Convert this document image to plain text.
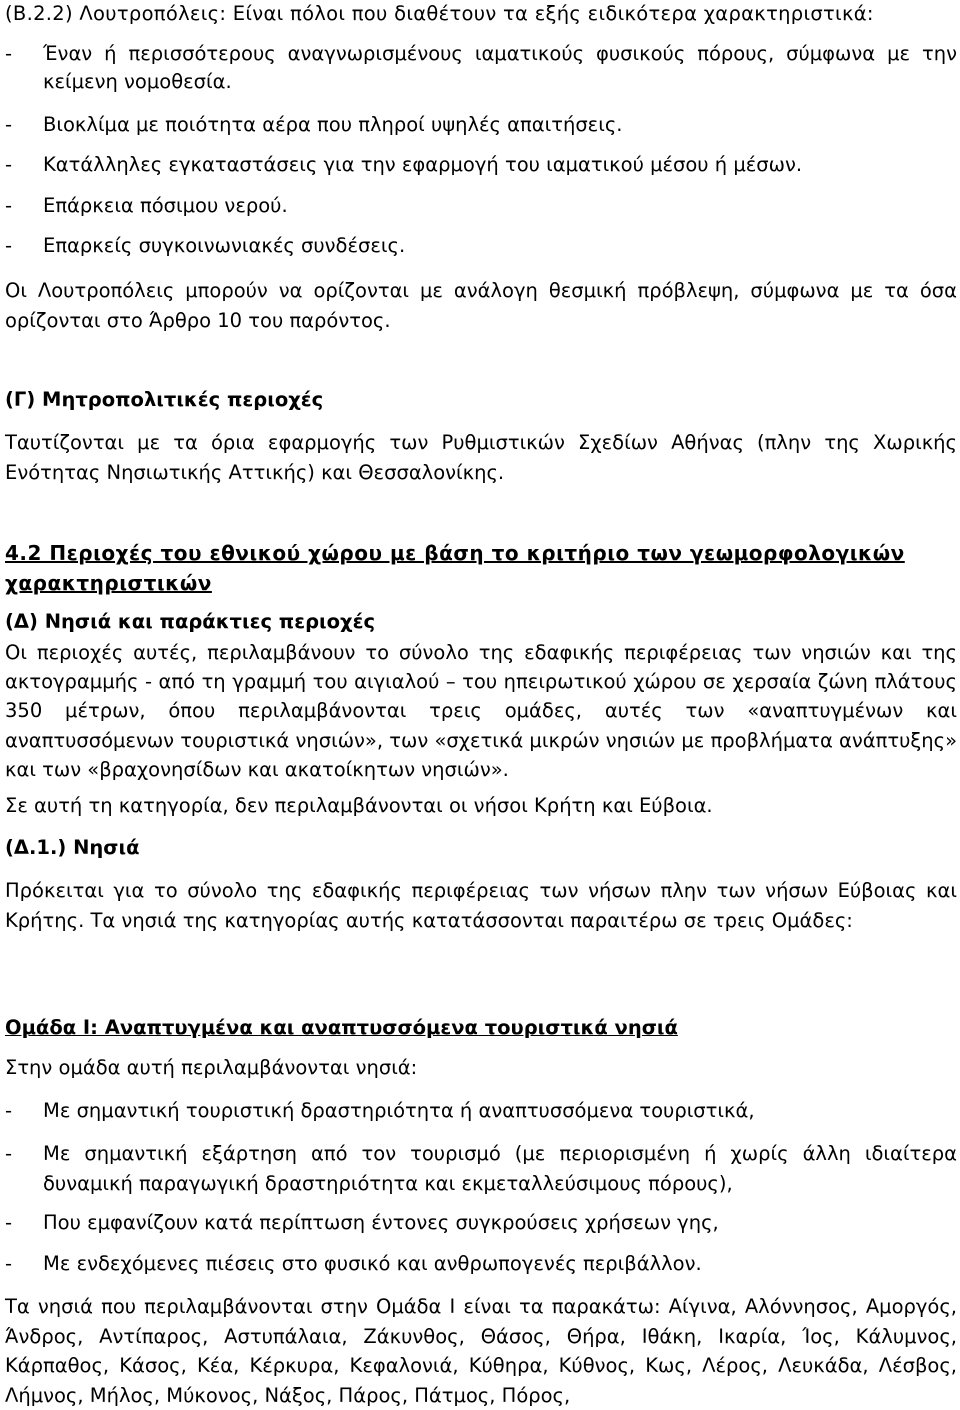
(Β.2.2) Λουτροπόλεις: Είναι πόλοι που διαθέτουν τα εξής ειδικότερα χαρακτηριστικά:

-	Έναν ή περισσότερους αναγνωρισμένους ιαματικούς φυσικούς πόρους, σύμφωνα με την κείμενη νομοθεσία.
-	Βιοκλίμα με ποιότητα αέρα που πληροί υψηλές απαιτήσεις.
-	Κατάλληλες εγκαταστάσεις για την εφαρμογή του ιαματικού μέσου ή μέσων.
-	Επάρκεια πόσιμου νερού.
-	Επαρκείς συγκοινωνιακές συνδέσεις.

Οι Λουτροπόλεις μπορούν να ορίζονται με ανάλογη θεσμική πρόβλεψη, σύμφωνα με τα όσα ορίζονται στο Άρθρο 10 του παρόντος.

(Γ) Μητροπολιτικές περιοχές

Ταυτίζονται με τα όρια εφαρμογής των Ρυθμιστικών Σχεδίων Αθήνας (πλην της Χωρικής Ενότητας Νησιωτικής Αττικής) και Θεσσαλονίκης.

4.2 Περιοχές του εθνικού χώρου με βάση το κριτήριο των γεωμορφολογικών χαρακτηριστικών

(Δ) Νησιά και παράκτιες περιοχές

Οι περιοχές αυτές, περιλαμβάνουν το σύνολο της εδαφικής περιφέρειας των νησιών και της ακτογραμμής - από τη γραμμή του αιγιαλού – του ηπειρωτικού χώρου σε χερσαία ζώνη πλάτους 350 μέτρων, όπου περιλαμβάνονται τρεις ομάδες, αυτές των «αναπτυγμένων και αναπτυσσόμενων τουριστικά νησιών», των «σχετικά μικρών νησιών με προβλήματα ανάπτυξης» και των «βραχονησίδων και ακατοίκητων νησιών».

Σε αυτή τη κατηγορία, δεν περιλαμβάνονται οι νήσοι Κρήτη και Εύβοια.

(Δ.1.) Νησιά

Πρόκειται για το σύνολο της εδαφικής περιφέρειας των νήσων πλην των νήσων Εύβοιας και Κρήτης. Τα νησιά της κατηγορίας αυτής κατατάσσονται παραιτέρω σε τρεις Ομάδες:

Ομάδα Ι: Αναπτυγμένα και αναπτυσσόμενα τουριστικά νησιά

Στην ομάδα αυτή περιλαμβάνονται νησιά:

-	Με σημαντική τουριστική δραστηριότητα ή αναπτυσσόμενα τουριστικά,
-	Με σημαντική εξάρτηση από τον τουρισμό (με περιορισμένη ή χωρίς άλλη ιδιαίτερα δυναμική παραγωγική δραστηριότητα και εκμεταλλεύσιμους πόρους),
-	Που εμφανίζουν κατά περίπτωση έντονες συγκρούσεις χρήσεων γης,
-	Με ενδεχόμενες πιέσεις στο φυσικό και ανθρωπογενές περιβάλλον.

Τα νησιά που περιλαμβάνονται στην Ομάδα Ι είναι τα παρακάτω: Αίγινα, Αλόννησος, Αμοργός, Άνδρος, Αντίπαρος, Αστυπάλαια, Ζάκυνθος, Θάσος, Θήρα, Ιθάκη, Ικαρία, Ίος, Κάλυμνος, Κάρπαθος, Κάσος, Κέα, Κέρκυρα, Κεφαλονιά, Κύθηρα, Κύθνος, Κως, Λέρος, Λευκάδα, Λέσβος, Λήμνος, Μήλος, Μύκονος, Νάξος, Πάρος, Πάτμος, Πόρος,
